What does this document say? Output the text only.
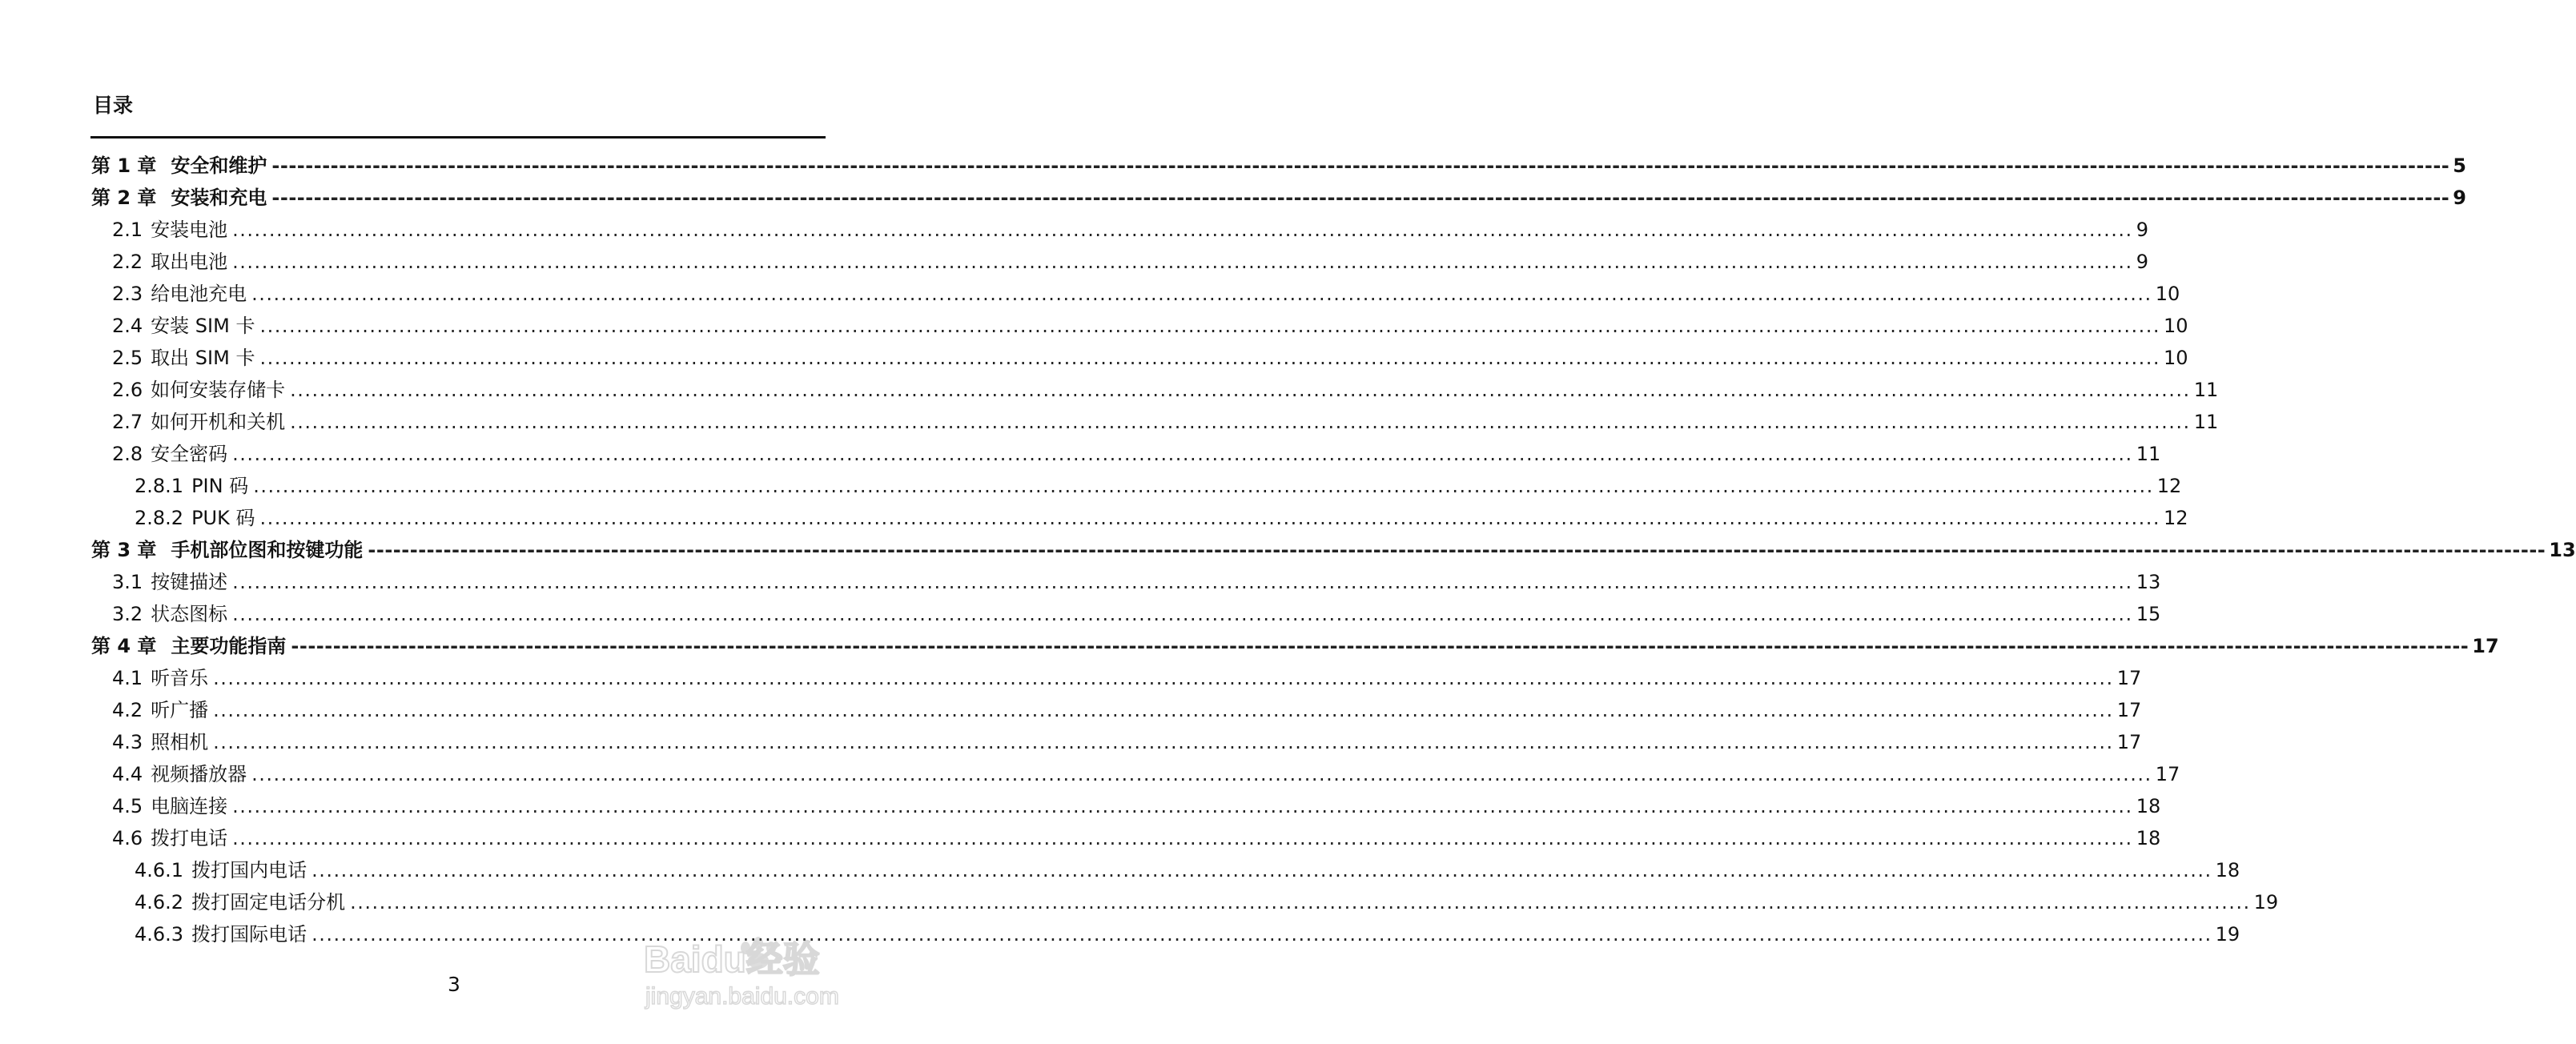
目录
第 1 章 安全和维护 -------------------------------------------------------------------------------------------------------------------------------------------------------------------------------------------------------------------------------------------------------------------- 5
第 2 章 安装和充电 -------------------------------------------------------------------------------------------------------------------------------------------------------------------------------------------------------------------------------------------------------------------- 9
2.1 安装电池 .................................................................................................................................................................................................................................................................... 9
2.2 取出电池 .................................................................................................................................................................................................................................................................... 9
2.3 给电池充电 .................................................................................................................................................................................................................................................................... 10
2.4 安装 SIM 卡 .................................................................................................................................................................................................................................................................... 10
2.5 取出 SIM 卡 .................................................................................................................................................................................................................................................................... 10
2.6 如何安装存储卡 .................................................................................................................................................................................................................................................................... 11
2.7 如何开机和关机 .................................................................................................................................................................................................................................................................... 11
2.8 安全密码 .................................................................................................................................................................................................................................................................... 11
2.8.1 PIN 码 .................................................................................................................................................................................................................................................................... 12
2.8.2 PUK 码 .................................................................................................................................................................................................................................................................... 12
第 3 章 手机部位图和按键功能 -------------------------------------------------------------------------------------------------------------------------------------------------------------------------------------------------------------------------------------------------------------------- 13
3.1 按键描述 .................................................................................................................................................................................................................................................................... 13
3.2 状态图标 .................................................................................................................................................................................................................................................................... 15
第 4 章 主要功能指南 -------------------------------------------------------------------------------------------------------------------------------------------------------------------------------------------------------------------------------------------------------------------- 17
4.1 听音乐 .................................................................................................................................................................................................................................................................... 17
4.2 听广播 .................................................................................................................................................................................................................................................................... 17
4.3 照相机 .................................................................................................................................................................................................................................................................... 17
4.4 视频播放器 .................................................................................................................................................................................................................................................................... 17
4.5 电脑连接 .................................................................................................................................................................................................................................................................... 18
4.6 拨打电话 .................................................................................................................................................................................................................................................................... 18
4.6.1 拨打国内电话 .................................................................................................................................................................................................................................................................... 18
4.6.2 拨打固定电话分机 .................................................................................................................................................................................................................................................................... 19
4.6.3 拨打国际电话 .................................................................................................................................................................................................................................................................... 19
3
Baidu经验
jingyan.baidu.com
